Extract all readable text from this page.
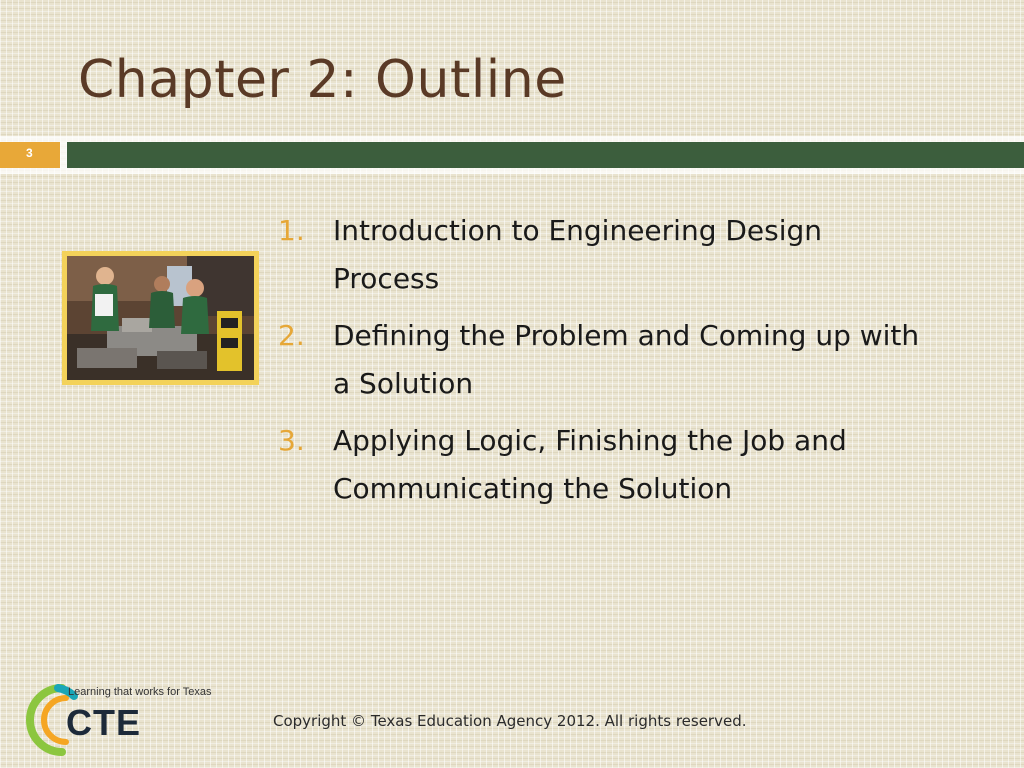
Chapter 2: Outline
3
1.	Introduction to Engineering Design Process
2.	Defining the Problem and Coming up with a Solution
3.	Applying Logic, Finishing the Job and Communicating the Solution
Learning that works for Texas
CTE	Copyright © Texas Education Agency 2012. All rights reserved.
